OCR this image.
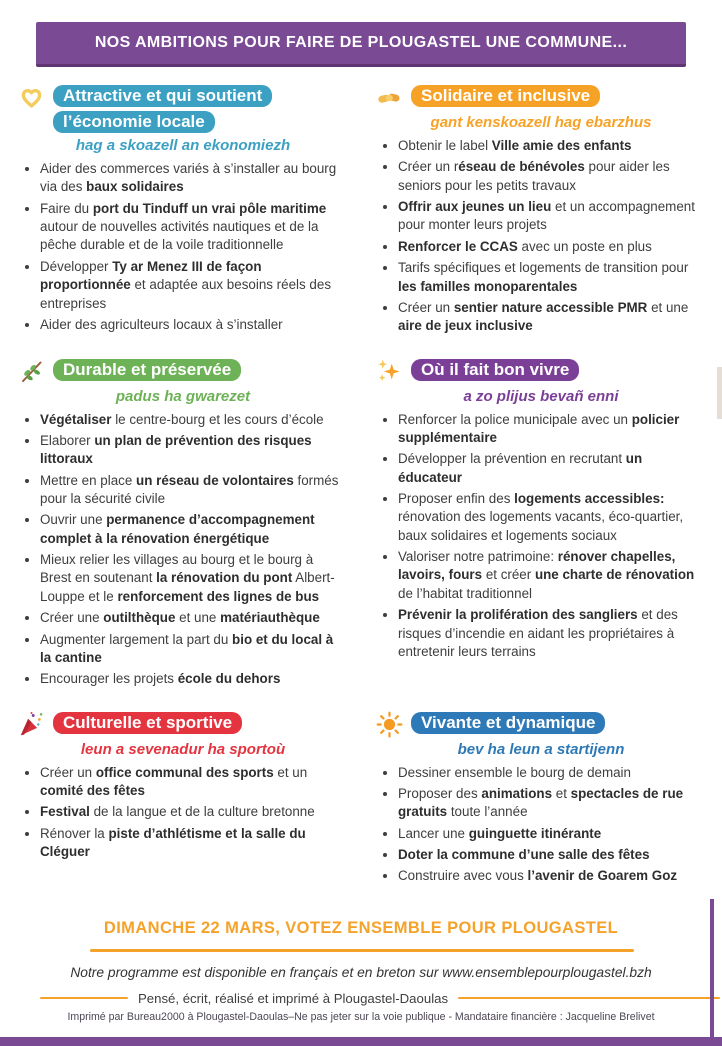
NOS AMBITIONS POUR FAIRE DE PLOUGASTEL UNE COMMUNE...
Attractive et qui soutient l’économie locale
hag a skoazell an ekonomiezh
• Aider des commerces variés à s’installer au bourg via des baux solidaires
• Faire du port du Tinduff un vrai pôle maritime autour de nouvelles activités nautiques et de la pêche durable et de la voile traditionnelle
• Développer Ty ar Menez III de façon proportionnée et adaptée aux besoins réels des entreprises
• Aider des agriculteurs locaux à s’installer
Solidaire et inclusive
gant kenskoazell hag ebarzhus
• Obtenir le label Ville amie des enfants
• Créer un réseau de bénévoles pour aider les seniors pour les petits travaux
• Offrir aux jeunes un lieu et un accompagnement pour monter leurs projets
• Renforcer le CCAS avec un poste en plus
• Tarifs spécifiques et logements de transition pour les familles monoparentales
• Créer un sentier nature accessible PMR et une aire de jeux inclusive
Durable et préservée
padus ha gwarezet
• Végétaliser le centre-bourg et les cours d’école
• Elaborer un plan de prévention des risques littoraux
• Mettre en place un réseau de volontaires formés pour la sécurité civile
• Ouvrir une permanence d’accompagnement complet à la rénovation énergétique
• Mieux relier les villages au bourg et le bourg à Brest en soutenant la rénovation du pont Albert-Louppe et le renforcement des lignes de bus
• Créer une outilthèque et une matériauthèque
• Augmenter largement la part du bio et du local à la cantine
• Encourager les projets école du dehors
Où il fait bon vivre
a zo plijus bevañ enni
• Renforcer la police municipale avec un policier supplémentaire
• Développer la prévention en recrutant un éducateur
• Proposer enfin des logements accessibles: rénovation des logements vacants, éco-quartier, baux solidaires et logements sociaux
• Valoriser notre patrimoine: rénover chapelles, lavoirs, fours et créer une charte de rénovation de l’habitat traditionnel
• Prévenir la prolifération des sangliers et des risques d’incendie en aidant les propriétaires à entretenir leurs terrains
Culturelle et sportive
leun a sevenadur ha sportoù
• Créer un office communal des sports et un comité des fêtes
• Festival de la langue et de la culture bretonne
• Rénover la piste d’athlétisme et la salle du Cléguer
Vivante et dynamique
bev ha leun a startijenn
• Dessiner ensemble le bourg de demain
• Proposer des animations et spectacles de rue gratuits toute l’année
• Lancer une guinguette itinérante
• Doter la commune d’une salle des fêtes
• Construire avec vous l’avenir de Goarem Goz
DIMANCHE 22 MARS, VOTEZ ENSEMBLE POUR PLOUGASTEL
Notre programme est disponible en français et en breton sur www.ensemblepourplougastel.bzh
Pensé, écrit, réalisé et imprimé à Plougastel-Daoulas
Imprimé par Bureau2000 à Plougastel-Daoulas–Ne pas jeter sur la voie publique - Mandataire financière : Jacqueline Brelivet
